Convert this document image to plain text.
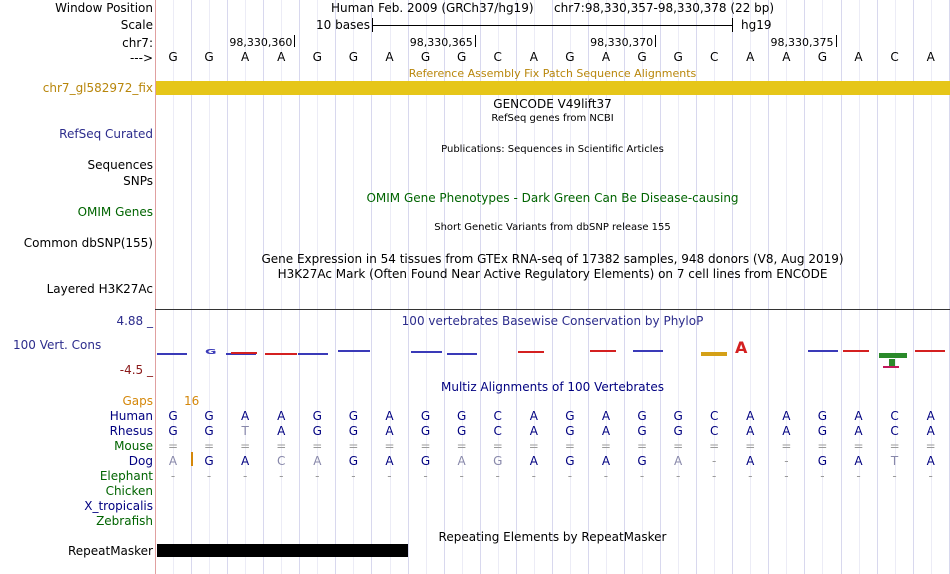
Window Position
Scale
chr7:
--->
Human Feb. 2009 (GRCh37/hg19) chr7:98,330,357-98,330,378 (22 bp)
10 bases	hg19
98,330,360	98,330,365	98,330,370	98,330,375
G	G	A	A	G	G	A	G	G	C	A	G	A	G	G	C	A	A	G	A	C	A
Reference Assembly Fix Patch Sequence Alignments
chr7_gl582972_fix
GENCODE V49lift37
RefSeq genes from NCBI
RefSeq Curated
Publications: Sequences in Scientific Articles
Sequences
SNPs
OMIM Gene Phenotypes - Dark Green Can Be Disease-causing
OMIM Genes
Short Genetic Variants from dbSNP release 155
Common dbSNP(155)
Gene Expression in 54 tissues from GTEx RNA-seq of 17382 samples, 948 donors (V8, Aug 2019)
H3K27Ac Mark (Often Found Near Active Regulatory Elements) on 7 cell lines from ENCODE
Layered H3K27Ac
100 vertebrates Basewise Conservation by PhyloP
4.88 _
100 Vert. Cons
-4.5 _
G	A
Multiz Alignments of 100 Vertebrates
Gaps	16
Human	G	G	A	A	G	G	A	G	G	C	A	G	A	G	G	C	A	A	G	A	C	A
Rhesus	G	G	T	A	G	G	A	G	G	C	A	G	A	G	G	C	A	A	G	A	C	A
Mouse	=	=	=	=	=	=	=	=	=	=	=	=	=	=	=	=	=	=	=	=	=	=
Dog	A	G	A	C	A	G	A	G	A	G	A	G	A	G	A	-	A	-	G	A	T	A
Elephant	-	-	-	-	-	-	-	-	-	-	-	-	-	-	-	-	-	-	-	-	-	-
Chicken
X_tropicalis
Zebrafish
Repeating Elements by RepeatMasker
RepeatMasker
